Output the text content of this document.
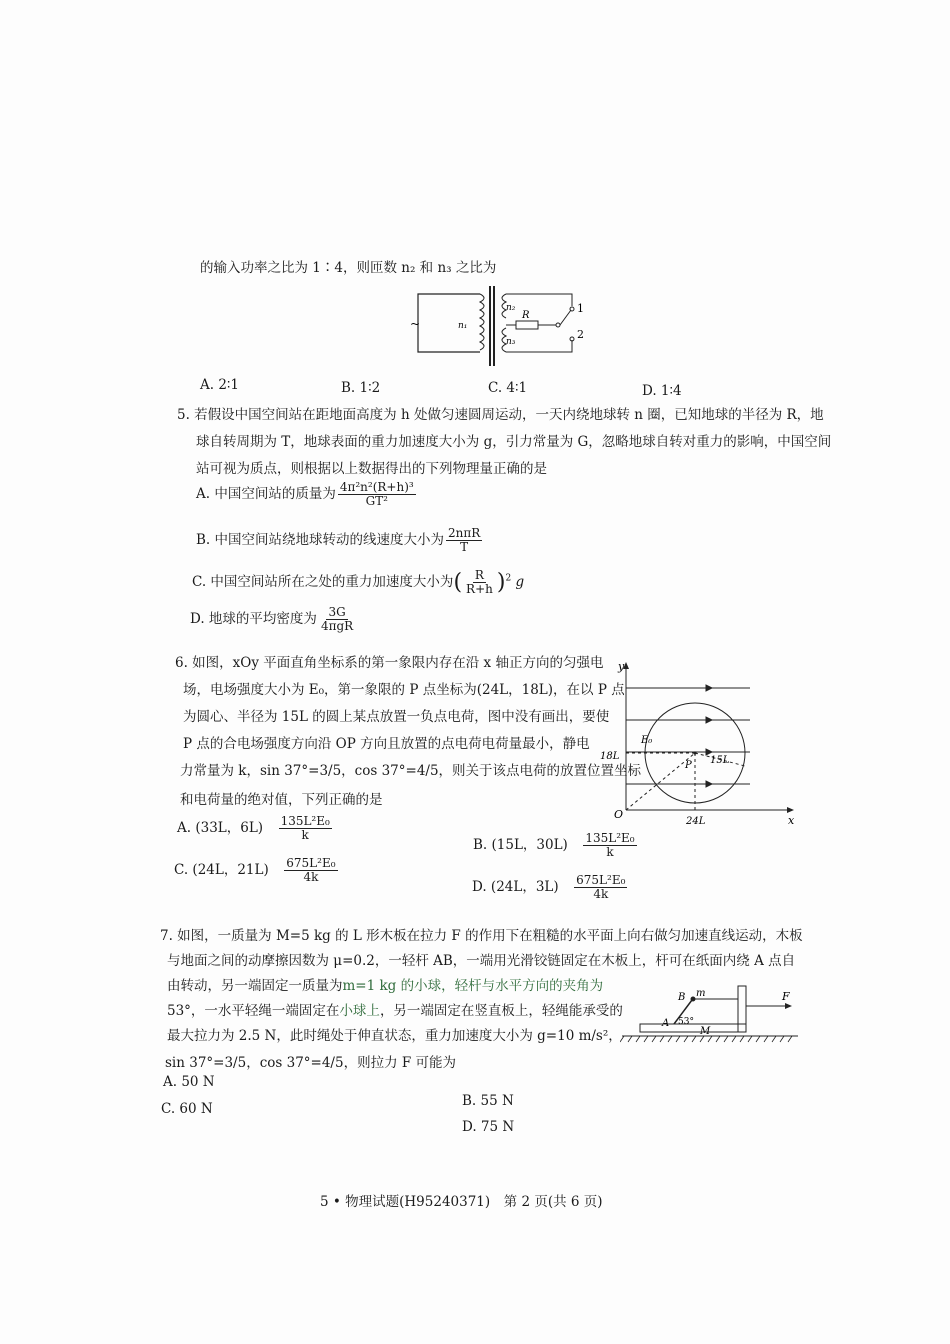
的输入功率之比为 1∶4，则匝数 n₂ 和 n₃ 之比为
~	n₁
n₂
n₃
R
1
2
A. 2∶1	B. 1∶2	C. 4∶1	D. 1∶4
5. 若假设中国空间站在距地面高度为 h 处做匀速圆周运动，一天内绕地球转 n 圈，已知地球的半径为 R，地
球自转周期为 T，地球表面的重力加速度大小为 g，引力常量为 G，忽略地球自转对重力的影响，中国空间
站可视为质点，则根据以上数据得出的下列物理量正确的是
A. 中国空间站的质量为 $\frac{\text{4π²n²(R+h)³}}{\text{GT²}}$
B. 中国空间站绕地球转动的线速度大小为 $\frac{\text{2nπR}}{T}$
C. 中国空间站所在之处的重力加速度大小为( $\frac{R}{R+h} )^2$ g
D. 地球的平均密度为 $\frac{3G}{\text{4πgR}}$
6. 如图，xOy 平面直角坐标系的第一象限内存在沿 x 轴正方向的匀强电
场，电场强度大小为 E₀，第一象限的 P 点坐标为(24L，18L)，在以 P 点
为圆心、半径为 15L 的圆上某点放置一负点电荷，图中没有画出，要使
P 点的合电场强度方向沿 OP 方向且放置的点电荷电荷量最小，静电
力常量为 k，sin 37°=3/5，cos 37°=4/5，则关于该点电荷的放置位置坐标
和电荷量的绝对值，下列正确的是
y
x
O
E₀
P 15L
18L
24L
A. (33L，6L)　 $\frac{\text{135L²E₀}}{k}$
B. (15L，30L)　 $\frac{\text{135L²E₀}}{k}$
C. (24L，21L)　 $\frac{\text{675L²E₀}}{4k}$
D. (24L，3L)　 $\frac{\text{675L²E₀}}{4k}$
7. 如图，一质量为 M=5 kg 的 L 形木板在拉力 F 的作用下在粗糙的水平面上向右做匀加速直线运动，木板
与地面之间的动摩擦因数为 μ=0.2，一轻杆 AB，一端用光滑铰链固定在木板上，杆可在纸面内绕 A 点自
由转动，另一端固定一质量为m=1 kg 的小球，轻杆与水平方向的夹角为
53°，一水平轻绳一端固定在小球上，另一端固定在竖直板上，轻绳能承受的
最大拉力为 2.5 N，此时绳处于伸直状态，重力加速度大小为 g=10 m/s²，
sin 37°=3/5，cos 37°=4/5，则拉力 F 可能为
F
B m
A 53°
M
A. 50 N
B. 55 N
C. 60 N
D. 75 N
5 • 物理试题(H95240371)　第 2 页(共 6 页)
